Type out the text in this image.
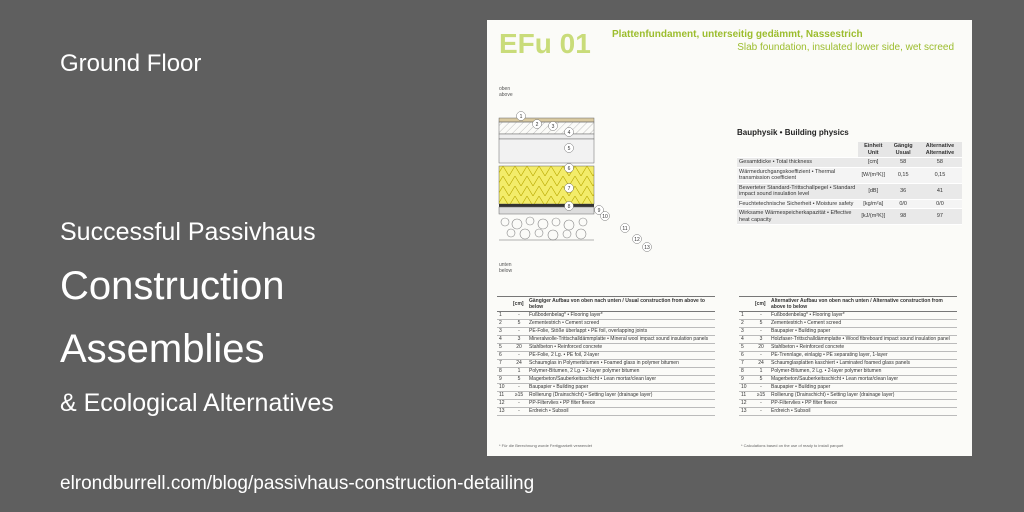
Ground Floor
Successful Passivhaus
Construction
Assemblies
& Ecological Alternatives
elrondburrell.com/blog/passivhaus-construction-detailing
EFu 01 Plattenfundament, unterseitig gedämmt, Nassestrich
Slab foundation, insulated lower side, wet screed
oben
above
1
2	3
4
5
6
7
8
9
10
11
12
13
unten
below
Bauphysik • Building physics
	Einheit Unit	Gängig Usual	Alternative Alternative
Gesamtdicke • Total thickness	[cm]	58	58
Wärmedurchgangskoeffizient • Thermal transmission coefficient	[W/(m²K)]	0,15	0,15
Bewerteter Standard-Trittschallpegel • Standard impact sound insulation level	[dB]	36	41
Feuchtetechnische Sicherheit • Moisture safety	[kg/m²a]	0/0	0/0
Wirksame Wärmespeicherkapazität • Effective heat capacity	[kJ/(m²K)]	98	97
	[cm]	Gängiger Aufbau von oben nach unten / Usual construction from above to below
1	-	Fußbodenbelag* • Flooring layer*
2	5	Zementestrich • Cement screed
3	-	PE-Folie, Stöße überlappt • PE foil, overlapping joints
4	3	Mineralwolle-Trittschalldämmplatte • Mineral wool impact sound insulation panels
5	20	Stahlbeton • Reinforced concrete
6	-	PE-Folie, 2 Lg. • PE foil, 2-layer
7	24	Schaumglas in Polymerbitumen • Foamed glass in polymer bitumen
8	1	Polymer-Bitumen, 2 Lg. • 2-layer polymer bitumen
9	5	Magerbeton/Sauberkeitsschicht • Lean mortar/clean layer
10	-	Baupapier • Building paper
11	≥15	Rollierung (Drainschicht) • Setting layer (drainage layer)
12	-	PP-Filtervlies • PP filter fleece
13	-	Erdreich • Subsoil
* Für die Berechnung wurde Fertigparkett verwendet
	[cm]	Alternativer Aufbau von oben nach unten / Alternative construction from above to below
1	-	Fußbodenbelag* • Flooring layer*
2	5	Zementestrich • Cement screed
3	-	Baupapier • Building paper
4	3	Holzfaser-Trittschalldämmplatte • Wood fibreboard impact sound insulation panel
5	20	Stahlbeton • Reinforced concrete
6	-	PE-Trennlage, einlagig • PE separating layer, 1-layer
7	24	Schaumglasplatten kaschiert • Laminated foamed glass panels
8	1	Polymer-Bitumen, 2 Lg. • 2-layer polymer bitumen
9	5	Magerbeton/Sauberkeitsschicht • Lean mortar/clean layer
10	-	Baupapier • Building paper
11	≥15	Rollierung (Drainschicht) • Setting layer (drainage layer)
12	-	PP-Filtervlies • PP filter fleece
13	-	Erdreich • Subsoil
* Calculations based on the use of ready to install parquet
